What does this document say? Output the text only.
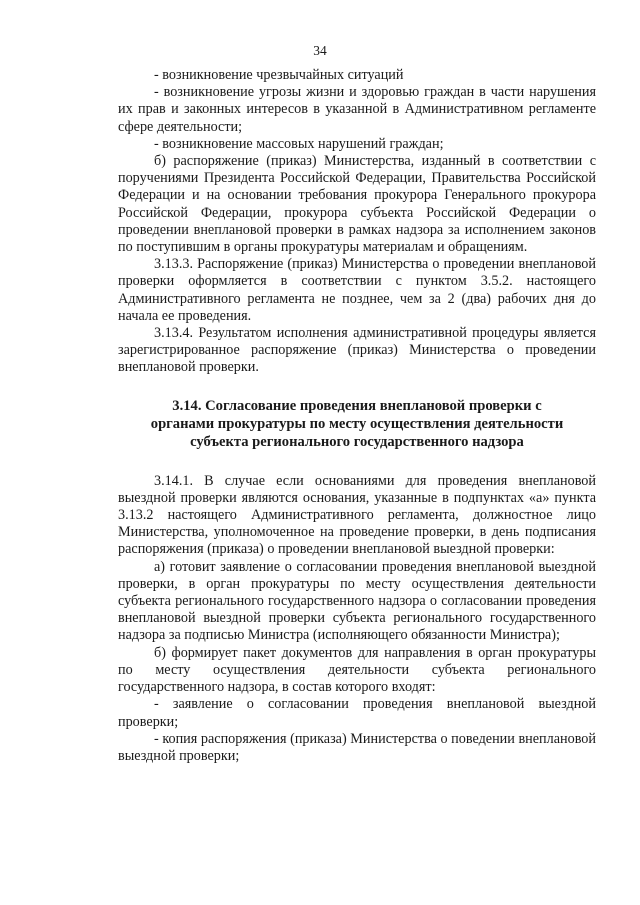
34

- возникновение чрезвычайных ситуаций

- возникновение угрозы жизни и здоровью граждан в части нарушения их прав и законных интересов в указанной в Административном регламенте сфере деятельности;

- возникновение массовых нарушений граждан;

б) распоряжение (приказ) Министерства, изданный в соответствии с поручениями Президента Российской Федерации, Правительства Российской Федерации и на основании требования прокурора Генерального прокурора Российской Федерации, прокурора субъекта Российской Федерации о проведении внеплановой проверки в рамках надзора за исполнением законов по поступившим в органы прокуратуры материалам и обращениям.

3.13.3. Распоряжение (приказ) Министерства о проведении внеплановой проверки оформляется в соответствии с пунктом 3.5.2. настоящего Административного регламента не позднее, чем за 2 (два) рабочих дня до начала ее проведения.

3.13.4. Результатом исполнения административной процедуры является зарегистрированное распоряжение (приказ) Министерства о проведении внеплановой проверки.

3.14. Согласование проведения внеплановой проверки с
органами прокуратуры по месту осуществления деятельности
субъекта регионального государственного надзора

3.14.1. В случае если основаниями для проведения внеплановой выездной проверки являются основания, указанные в подпунктах «а» пункта 3.13.2 настоящего Административного регламента, должностное лицо Министерства, уполномоченное на проведение проверки, в день подписания распоряжения (приказа) о проведении внеплановой выездной проверки:

а) готовит заявление о согласовании проведения внеплановой выездной проверки, в орган прокуратуры по месту осуществления деятельности субъекта регионального государственного надзора о согласовании проведения внеплановой выездной проверки субъекта регионального государственного надзора за подписью Министра (исполняющего обязанности Министра);

б) формирует пакет документов для направления в орган прокуратуры по месту осуществления деятельности субъекта регионального государственного надзора, в состав которого входят:

- заявление о согласовании проведения внеплановой выездной проверки;

- копия распоряжения (приказа) Министерства о поведении внеплановой выездной проверки;
